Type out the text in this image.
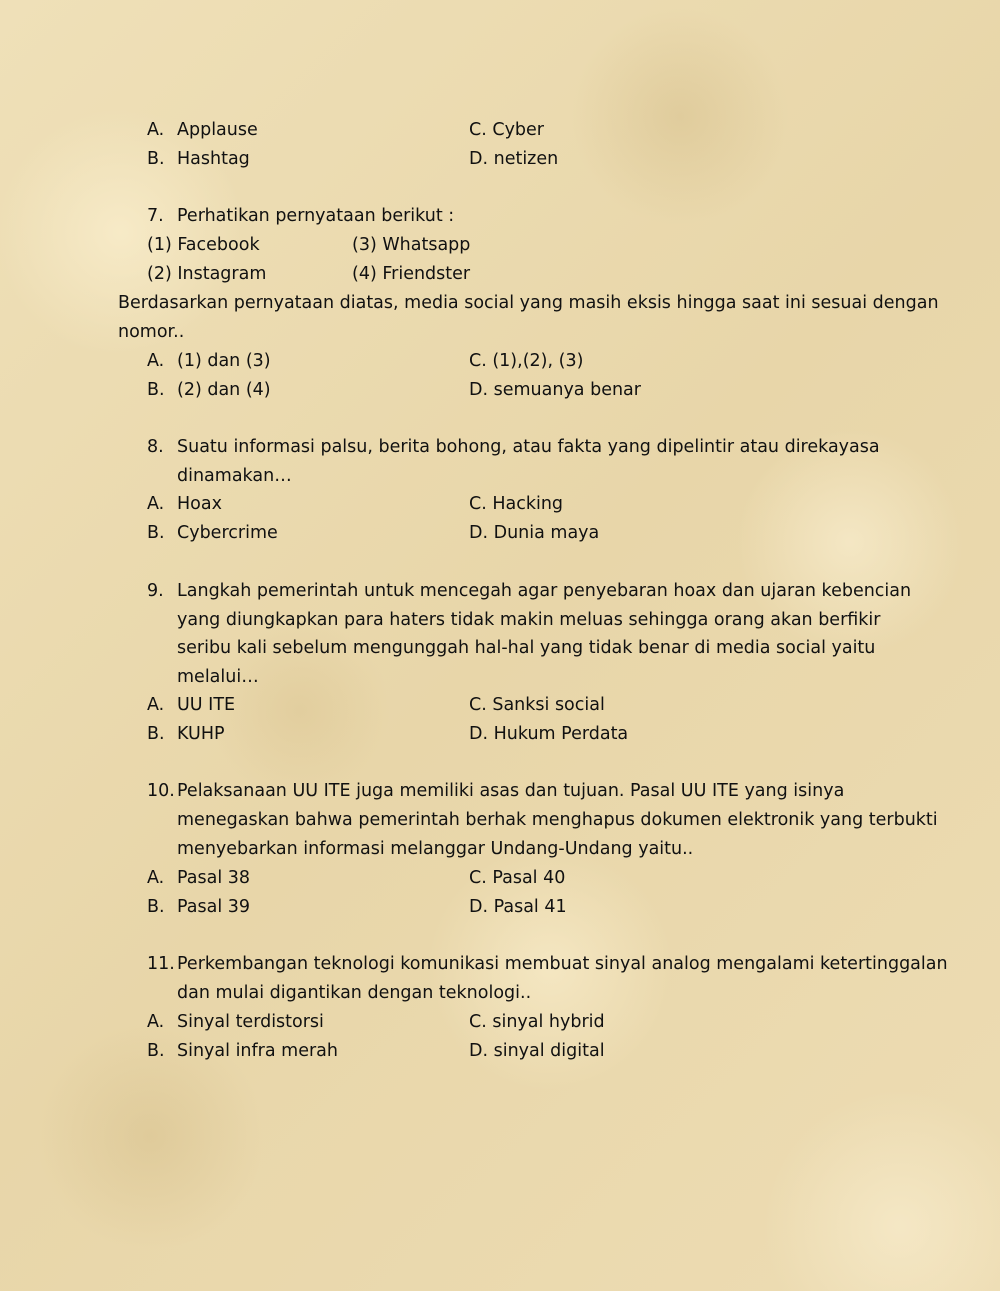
A. Applause	C. Cyber
B. Hashtag	D. netizen
7. Perhatikan pernyataan berikut :
(1) Facebook	(3) Whatsapp
(2) Instagram	(4) Friendster
Berdasarkan pernyataan diatas, media social yang masih eksis hingga saat ini sesuai dengan
nomor..
A. (1) dan (3)	C. (1),(2), (3)
B. (2) dan (4)	D. semuanya benar
8. Suatu informasi palsu, berita bohong, atau fakta yang dipelintir atau direkayasa
dinamakan…
A. Hoax	C. Hacking
B. Cybercrime	D. Dunia maya
9. Langkah pemerintah untuk mencegah agar penyebaran hoax dan ujaran kebencian
yang diungkapkan para haters tidak makin meluas sehingga orang akan berfikir
seribu kali sebelum mengunggah hal-hal yang tidak benar di media social yaitu
melalui…
A. UU ITE	C. Sanksi social
B. KUHP	D. Hukum Perdata
10. Pelaksanaan UU ITE juga memiliki asas dan tujuan. Pasal UU ITE yang isinya
menegaskan bahwa pemerintah berhak menghapus dokumen elektronik yang terbukti
menyebarkan informasi melanggar Undang-Undang yaitu..
A. Pasal 38	C. Pasal 40
B. Pasal 39	D. Pasal 41
11. Perkembangan teknologi komunikasi membuat sinyal analog mengalami ketertinggalan
dan mulai digantikan dengan teknologi..
A. Sinyal terdistorsi	C. sinyal hybrid
B. Sinyal infra merah	D. sinyal digital
